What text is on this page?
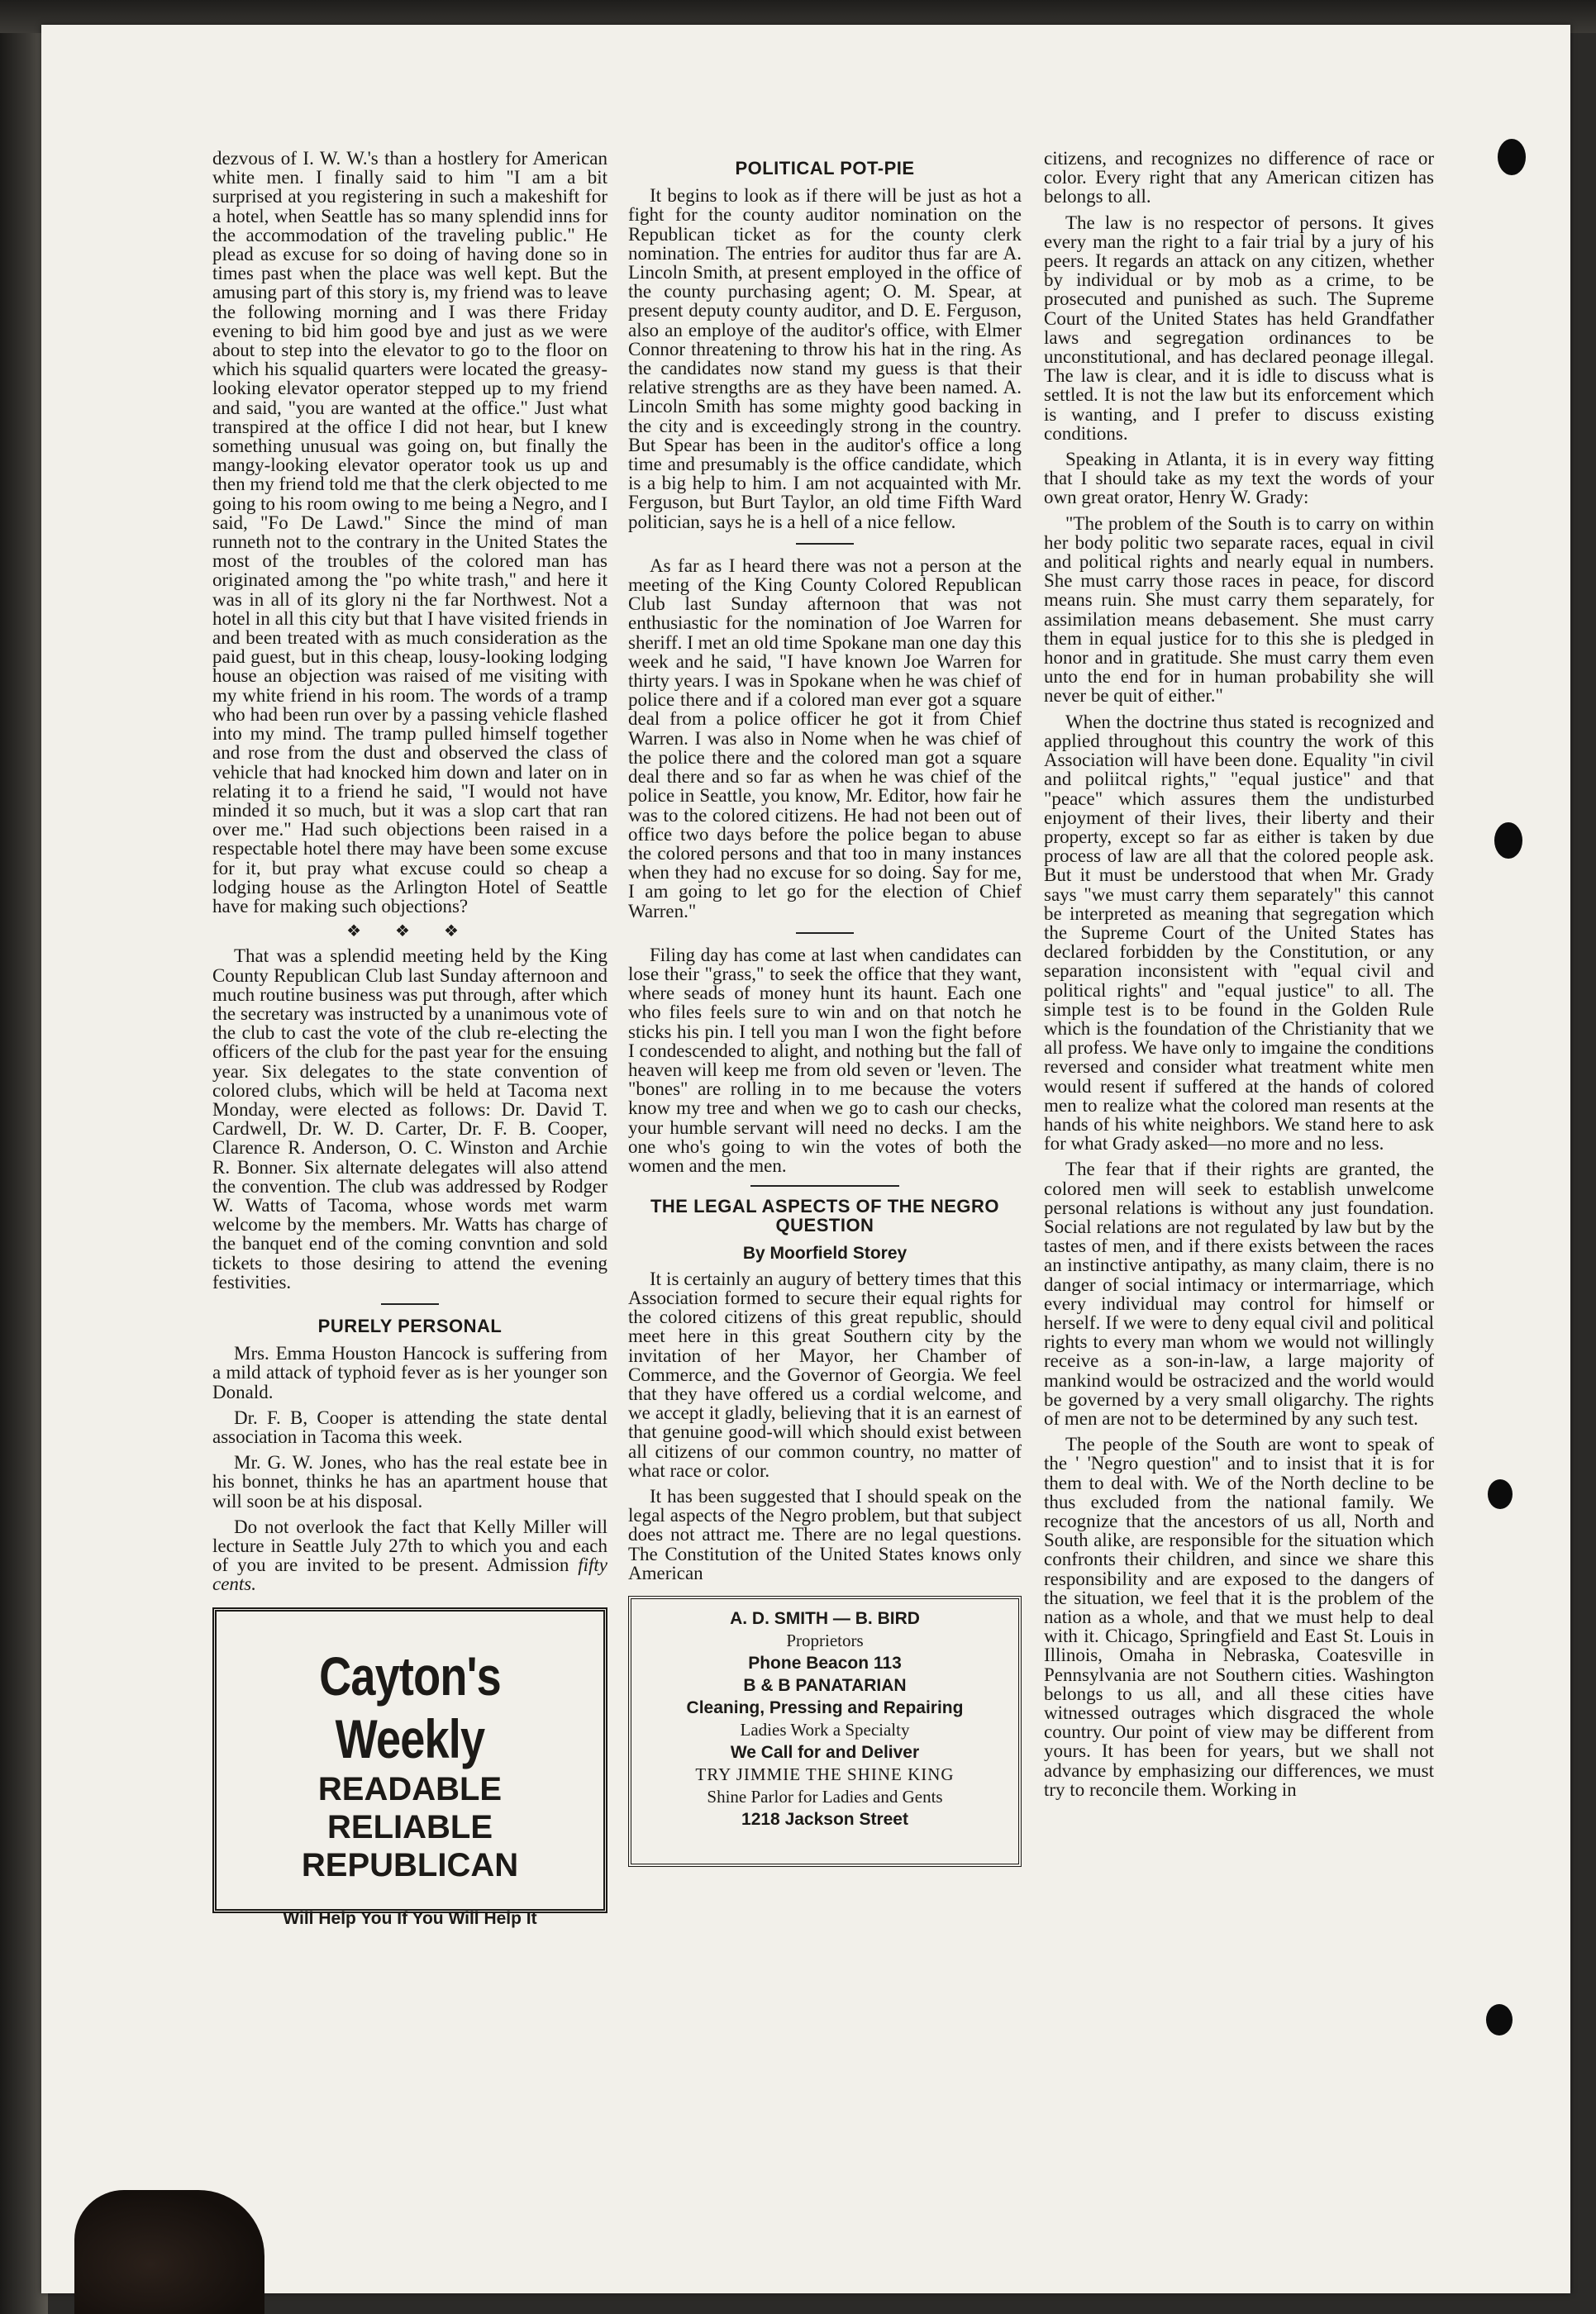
dezvous of I. W. W.'s than a hostlery for American white men. I finally said to him "I am a bit surprised at you registering in such a makeshift for a hotel, when Seattle has so many splendid inns for the accommodation of the traveling public." He plead as excuse for so doing of having done so in times past when the place was well kept. But the amusing part of this story is, my friend was to leave the following morning and I was there Friday evening to bid him good bye and just as we were about to step into the elevator to go to the floor on which his squalid quarters were located the greasy-looking elevator operator stepped up to my friend and said, "you are wanted at the office." Just what transpired at the office I did not hear, but I knew something unusual was going on, but finally the mangy-looking elevator operator took us up and then my friend told me that the clerk objected to me going to his room owing to me being a Negro, and I said, "Fo De Lawd." Since the mind of man runneth not to the contrary in the United States the most of the troubles of the colored man has originated among the "po white trash," and here it was in all of its glory ni the far Northwest. Not a hotel in all this city but that I have visited friends in and been treated with as much consideration as the paid guest, but in this cheap, lousy-looking lodging house an objection was raised of me visiting with my white friend in his room. The words of a tramp who had been run over by a passing vehicle flashed into my mind. The tramp pulled himself together and rose from the dust and observed the class of vehicle that had knocked him down and later on in relating it to a friend he said, "I would not have minded it so much, but it was a slop cart that ran over me." Had such objections been raised in a respectable hotel there may have been some excuse for it, but pray what excuse could so cheap a lodging house as the Arlington Hotel of Seattle have for making such objections?

❖ ❖ ❖

That was a splendid meeting held by the King County Republican Club last Sunday afternoon and much routine business was put through, after which the secretary was instructed by a unanimous vote of the club to cast the vote of the club re-electing the officers of the club for the past year for the ensuing year. Six delegates to the state convention of colored clubs, which will be held at Tacoma next Monday, were elected as follows: Dr. David T. Cardwell, Dr. W. D. Carter, Dr. F. B. Cooper, Clarence R. Anderson, O. C. Winston and Archie R. Bonner. Six alternate delegates will also attend the convention. The club was addressed by Rodger W. Watts of Tacoma, whose words met warm welcome by the members. Mr. Watts has charge of the banquet end of the coming convntion and sold tickets to those desiring to attend the evening festivities.

PURELY PERSONAL

Mrs. Emma Houston Hancock is suffering from a mild attack of typhoid fever as is her younger son Donald.

Dr. F. B, Cooper is attending the state dental association in Tacoma this week.

Mr. G. W. Jones, who has the real estate bee in his bonnet, thinks he has an apartment house that will soon be at his disposal.

Do not overlook the fact that Kelly Miller will lecture in Seattle July 27th to which you and each of you are invited to be present. Admission fifty cents.

Cayton's Weekly
READABLE
RELIABLE
REPUBLICAN
Will Help You If You Will Help It
POLITICAL POT-PIE

It begins to look as if there will be just as hot a fight for the county auditor nomination on the Republican ticket as for the county clerk nomination. The entries for auditor thus far are A. Lincoln Smith, at present employed in the office of the county purchasing agent; O. M. Spear, at present deputy county auditor, and D. E. Ferguson, also an employe of the auditor's office, with Elmer Connor threatening to throw his hat in the ring. As the candidates now stand my guess is that their relative strengths are as they have been named. A. Lincoln Smith has some mighty good backing in the city and is exceedingly strong in the country. But Spear has been in the auditor's office a long time and presumably is the office candidate, which is a big help to him. I am not acquainted with Mr. Ferguson, but Burt Taylor, an old time Fifth Ward politician, says he is a hell of a nice fellow.

As far as I heard there was not a person at the meeting of the King County Colored Republican Club last Sunday afternoon that was not enthusiastic for the nomination of Joe Warren for sheriff. I met an old time Spokane man one day this week and he said, "I have known Joe Warren for thirty years. I was in Spokane when he was chief of police there and if a colored man ever got a square deal from a police officer he got it from Chief Warren. I was also in Nome when he was chief of the police there and the colored man got a square deal there and so far as when he was chief of the police in Seattle, you know, Mr. Editor, how fair he was to the colored citizens. He had not been out of office two days before the police began to abuse the colored persons and that too in many instances when they had no excuse for so doing. Say for me, I am going to let go for the election of Chief Warren."

Filing day has come at last when candidates can lose their "grass," to seek the office that they want, where seads of money hunt its haunt. Each one who files feels sure to win and on that notch he sticks his pin. I tell you man I won the fight before I condescended to alight, and nothing but the fall of heaven will keep me from old seven or 'leven. The "bones" are rolling in to me because the voters know my tree and when we go to cash our checks, your humble servant will need no decks. I am the one who's going to win the votes of both the women and the men.

THE LEGAL ASPECTS OF THE NEGRO QUESTION
By Moorfield Storey

It is certainly an augury of bettery times that this Association formed to secure their equal rights for the colored citizens of this great republic, should meet here in this great Southern city by the invitation of her Mayor, her Chamber of Commerce, and the Governor of Georgia. We feel that they have offered us a cordial welcome, and we accept it gladly, believing that it is an earnest of that genuine good-will which should exist between all citizens of our common country, no matter of what race or color.

It has been suggested that I should speak on the legal aspects of the Negro problem, but that subject does not attract me. There are no legal questions. The Constitution of the United States knows only American

A. D. SMITH — B. BIRD
Proprietors
Phone Beacon 113
B & B PANATARIAN
Cleaning, Pressing and Repairing
Ladies Work a Specialty
We Call for and Deliver
TRY JIMMIE THE SHINE KING
Shine Parlor for Ladies and Gents
1218 Jackson Street

citizens, and recognizes no difference of race or color. Every right that any American citizen has belongs to all.

The law is no respector of persons. It gives every man the right to a fair trial by a jury of his peers. It regards an attack on any citizen, whether by individual or by mob as a crime, to be prosecuted and punished as such. The Supreme Court of the United States has held Grandfather laws and segregation ordinances to be unconstitutional, and has declared peonage illegal. The law is clear, and it is idle to discuss what is settled. It is not the law but its enforcement which is wanting, and I prefer to discuss existing conditions.

Speaking in Atlanta, it is in every way fitting that I should take as my text the words of your own great orator, Henry W. Grady:

"The problem of the South is to carry on within her body politic two separate races, equal in civil and political rights and nearly equal in numbers. She must carry those races in peace, for discord means ruin. She must carry them separately, for assimilation means debasement. She must carry them in equal justice for to this she is pledged in honor and in gratitude. She must carry them even unto the end for in human probability she will never be quit of either."

When the doctrine thus stated is recognized and applied throughout this country the work of this Association will have been done. Equality "in civil and poliitcal rights," "equal justice" and that "peace" which assures them the undisturbed enjoyment of their lives, their liberty and their property, except so far as either is taken by due process of law are all that the colored people ask. But it must be understood that when Mr. Grady says "we must carry them separately" this cannot be interpreted as meaning that segregation which the Supreme Court of the United States has declared forbidden by the Constitution, or any separation inconsistent with "equal civil and political rights" and "equal justice" to all. The simple test is to be found in the Golden Rule which is the foundation of the Christianity that we all profess. We have only to imgaine the conditions reversed and consider what treatment white men would resent if suffered at the hands of colored men to realize what the colored man resents at the hands of his white neighbors. We stand here to ask for what Grady asked—no more and no less.

The fear that if their rights are granted, the colored men will seek to establish unwelcome personal relations is without any just foundation. Social relations are not regulated by law but by the tastes of men, and if there exists between the races an instinctive antipathy, as many claim, there is no danger of social intimacy or intermarriage, which every individual may control for himself or herself. If we were to deny equal civil and political rights to every man whom we would not willingly receive as a son-in-law, a large majority of mankind would be ostracized and the world would be governed by a very small oligarchy. The rights of men are not to be determined by any such test.

The people of the South are wont to speak of the ' 'Negro question" and to insist that it is for them to deal with. We of the North decline to be thus excluded from the national family. We recognize that the ancestors of us all, North and South alike, are responsible for the situation which confronts their children, and since we share this responsibility and are exposed to the dangers of the situation, we feel that it is the problem of the nation as a whole, and that we must help to deal with it. Chicago, Springfield and East St. Louis in Illinois, Omaha in Nebraska, Coatesville in Pennsylvania are not Southern cities. Washington belongs to us all, and all these cities have witnessed outrages which disgraced the whole country. Our point of view may be different from yours. It has been for years, but we shall not advance by emphasizing our differences, we must try to reconcile them. Working in
